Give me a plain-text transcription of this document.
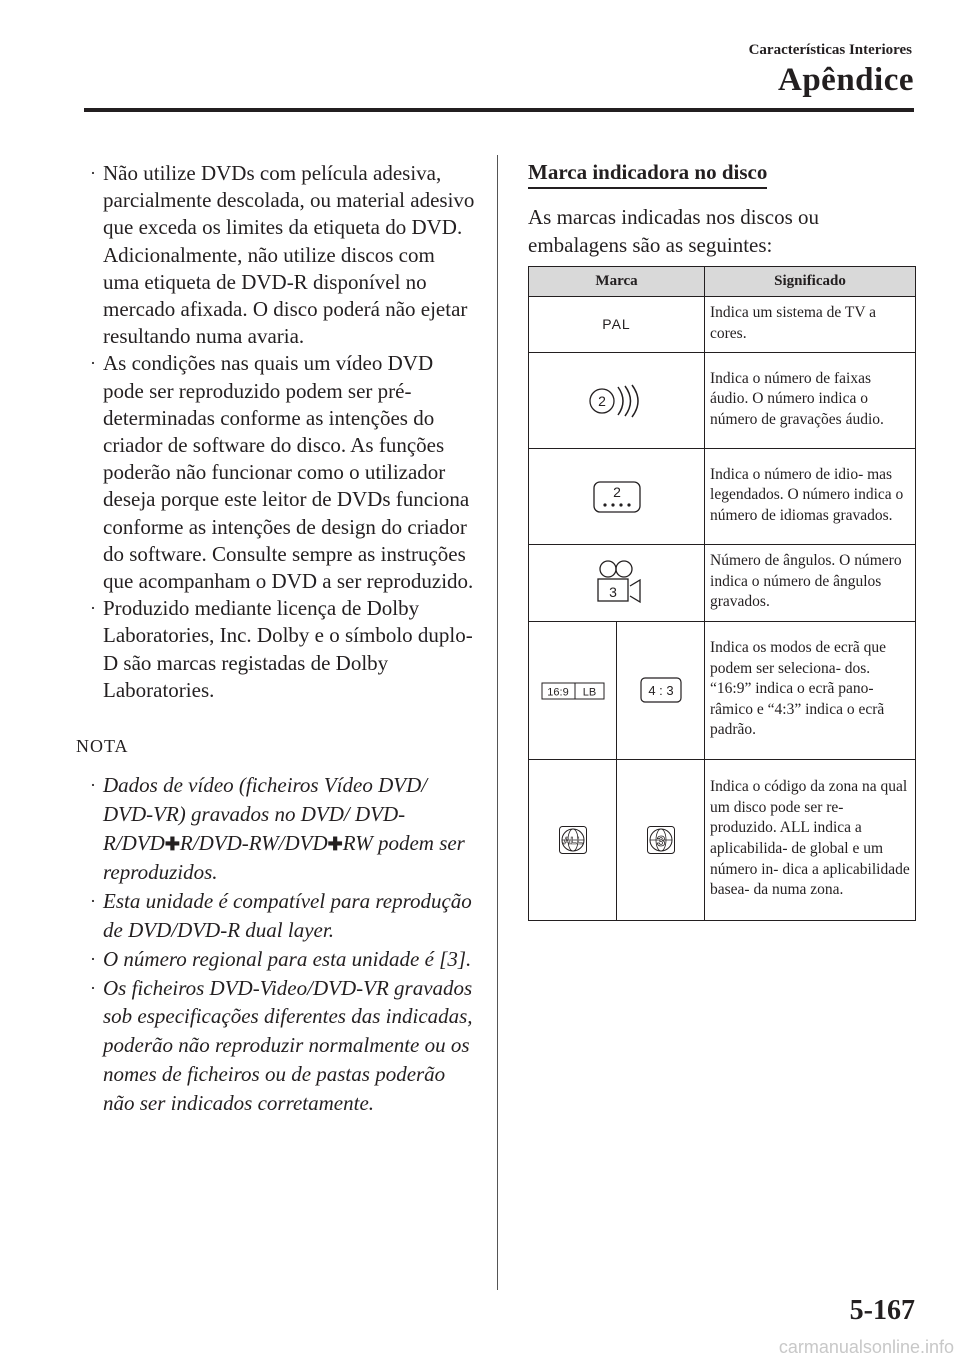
Características Interiores
Apêndice
· Não utilize DVDs com película adesiva, parcialmente descolada, ou material adesivo que exceda os limites da etiqueta do DVD. Adicionalmente, não utilize discos com uma etiqueta de DVD-R disponível no mercado afixada. O disco poderá não ejetar resultando numa avaria.
· As condições nas quais um vídeo DVD pode ser reproduzido podem ser pré-determinadas conforme as intenções do criador de software do disco. As funções poderão não funcionar como o utilizador deseja porque este leitor de DVDs funciona conforme as intenções de design do criador do software. Consulte sempre as instruções que acompanham o DVD a ser reproduzido.
· Produzido mediante licença de Dolby Laboratories, Inc. Dolby e o símbolo duplo-D são marcas registadas de Dolby Laboratories.
NOTA
· Dados de vídeo (ficheiros Vídeo DVD/ DVD-VR) gravados no DVD/ DVD-R/DVD✚R/DVD-RW/DVD✚RW podem ser reproduzidos.
· Esta unidade é compatível para reprodução de DVD/DVD-R dual layer.
· O número regional para esta unidade é [3].
· Os ficheiros DVD-Video/DVD-VR gravados sob especificações diferentes das indicadas, poderão não reproduzir normalmente ou os nomes de ficheiros ou de pastas poderão não ser indicados corretamente.
Marca indicadora no disco

As marcas indicadas nos discos ou embalagens são as seguintes:

Marca		Significado
PAL		Indica um sistema de TV a cores.

2		Indica o número de faixas áudio. O número indica o número de gravações áudio.

2		Indica o número de idio- mas legendados. O número indica o número de idiomas gravados.

3		Número de ângulos. O número indica o número de ângulos gravados.

16:9 LB	4 : 3	Indica os modos de ecrã que podem ser seleciona- dos. “16:9” indica o ecrã pano- râmico e “4:3” indica o ecrã padrão.

ALL	3	Indica o código da zona na qual um disco pode ser re- produzido. ALL indica a aplicabilida- de global e um número in- dica a aplicabilidade basea- da numa zona.
5-167
carmanualsonline.info
